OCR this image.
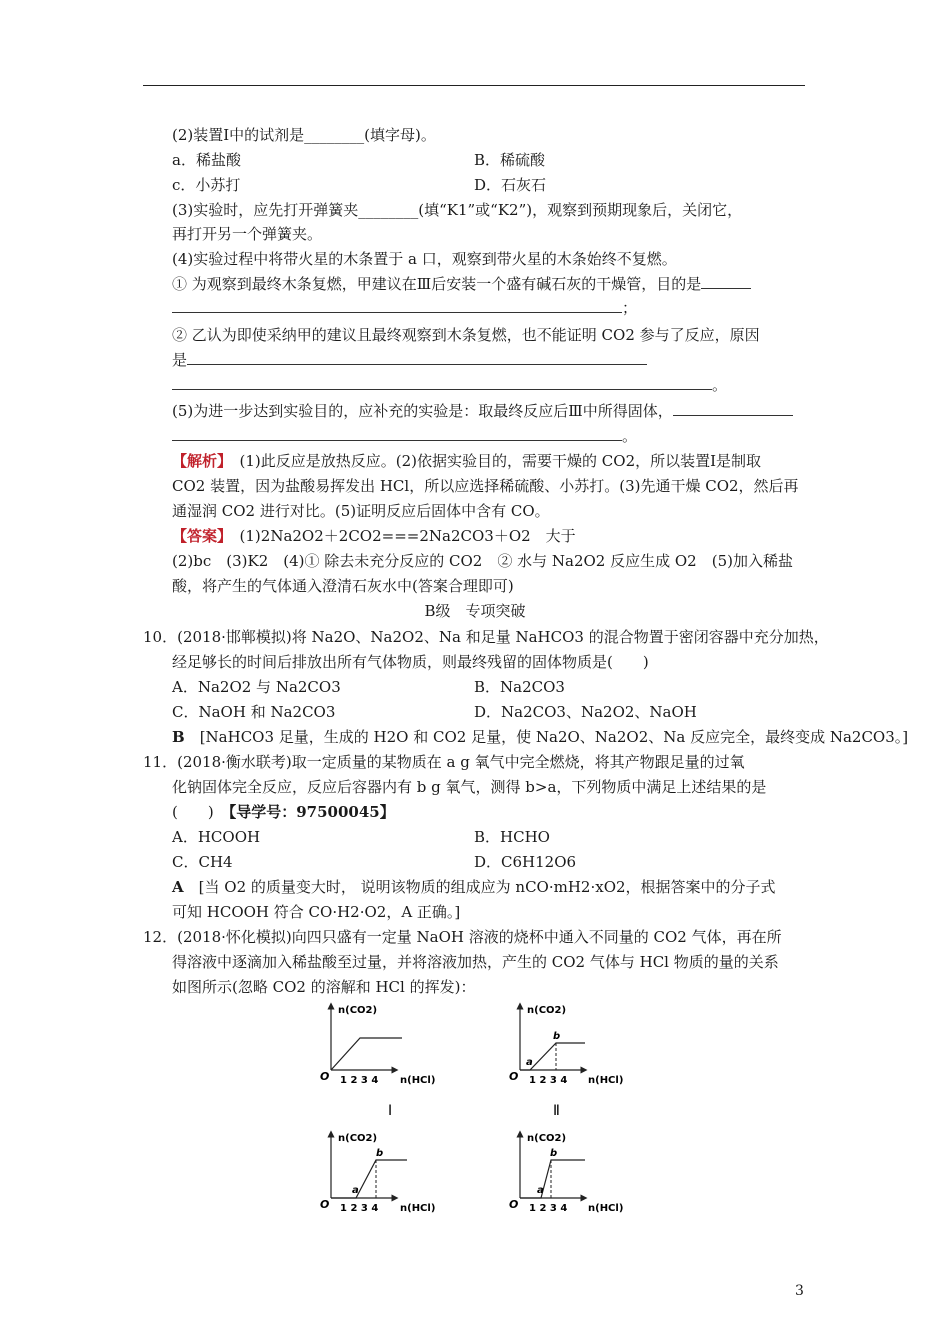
(2)装置Ⅰ中的试剂是________(填字母)。
a．稀盐酸	B．稀硫酸
c．小苏打	D．石灰石
(3)实验时，应先打开弹簧夹________(填“K1”或“K2”)，观察到预期现象后，关闭它，
再打开另一个弹簧夹。
(4)实验过程中将带火星的木条置于 a 口，观察到带火星的木条始终不复燃。
① 为观察到最终木条复燃，甲建议在Ⅲ后安装一个盛有碱石灰的干燥管，目的是
；
② 乙认为即使采纳甲的建议且最终观察到木条复燃，也不能证明 CO2 参与了反应，原因
是
。
(5)为进一步达到实验目的，应补充的实验是：取最终反应后Ⅲ中所得固体，
。
【解析】　 (1)此反应是放热反应。(2)依据实验目的，需要干燥的 CO2，所以装置Ⅰ是制取
CO2 装置，因为盐酸易挥发出 HCl，所以应选择稀硫酸、小苏打。(3)先通干燥 CO2，然后再
通湿润 CO2 进行对比。(5)证明反应后固体中含有 CO。
【答案】　 (1)2Na2O2＋2CO2===2Na2CO3＋O2　大于
(2)bc　(3)K2　(4)① 除去未充分反应的 CO2　② 水与 Na2O2 反应生成 O2　(5)加入稀盐
酸，将产生的气体通入澄清石灰水中(答案合理即可)
B级　专项突破
10．(2018·邯郸模拟)将 Na2O、Na2O2、Na 和足量 NaHCO3 的混合物置于密闭容器中充分加热，
经足够长的时间后排放出所有气体物质，则最终残留的固体物质是(　　)
A．Na2O2 与 Na2CO3	B．Na2CO3
C．NaOH 和 Na2CO3	D．Na2CO3、Na2O2、NaOH
B　 [NaHCO3 足量，生成的 H2O 和 CO2 足量，使 Na2O、Na2O2、Na 反应完全，最终变成 Na2CO3。]
11．(2018·衡水联考)取一定质量的某物质在 a g 氧气中完全燃烧，将其产物跟足量的过氧
化钠固体完全反应，反应后容器内有 b g 氧气，测得 b>a，下列物质中满足上述结果的是
(　　)　 【导学号：97500045】
A．HCOOH	B．HCHO
C．CH4	D．C6H12O6
A　 [当 O2 的质量变大时， 说明该物质的组成应为 nCO·mH2·xO2，根据答案中的分子式
可知 HCOOH 符合 CO·H2·O2，A 正确。]
12．(2018·怀化模拟)向四只盛有一定量 NaOH 溶液的烧杯中通入不同量的 CO2 气体，再在所
得溶液中逐滴加入稀盐酸至过量，并将溶液加热，产生的 CO2 气体与 HCl 物质的量的关系
如图所示(忽略 CO2 的溶解和 HCl 的挥发)：
n(CO2)
O 1 2 3 4 n(HCl)
Ⅰ
n(CO2)
a
b
O 1 2 3 4 n(HCl)
Ⅱ
n(CO2)
a
b
O 1 2 3 4 n(HCl)
n(CO2)
a
b
O 1 2 3 4 n(HCl)
3
